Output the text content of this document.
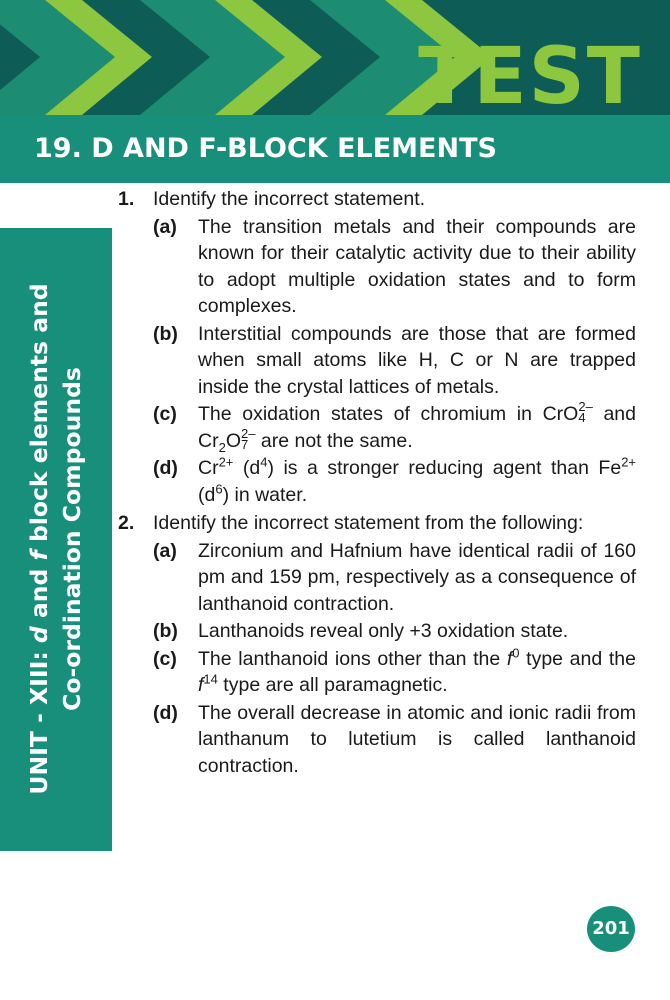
TEST
19. D AND F-BLOCK ELEMENTS
UNIT - XIII: d and f block elements and Co-ordination Compounds
1. Identify the incorrect statement.
(a) The transition metals and their compounds are known for their catalytic activity due to their ability to adopt multiple oxidation states and to form complexes.
(b) Interstitial compounds are those that are formed when small atoms like H, C or N are trapped inside the crystal lattices of metals.
(c) The oxidation states of chromium in CrO 2–
4 and $Cr_2O$ 2–
7 are not the same.
(d) $Cr^{2+}$ $(d^4)$ is a stronger reducing agent than $Fe^{2+}$ $(d^6)$ in water.
2. Identify the incorrect statement from the following:
(a) Zirconium and Hafnium have identical radii of 160 pm and 159 pm, respectively as a consequence of lanthanoid contraction.
(b) Lanthanoids reveal only +3 oxidation state.
(c) The lanthanoid ions other than the $f^0$ type and the $f^{14}$ type are all paramagnetic.
(d) The overall decrease in atomic and ionic radii from lanthanum to lutetium is called lanthanoid contraction.
201
